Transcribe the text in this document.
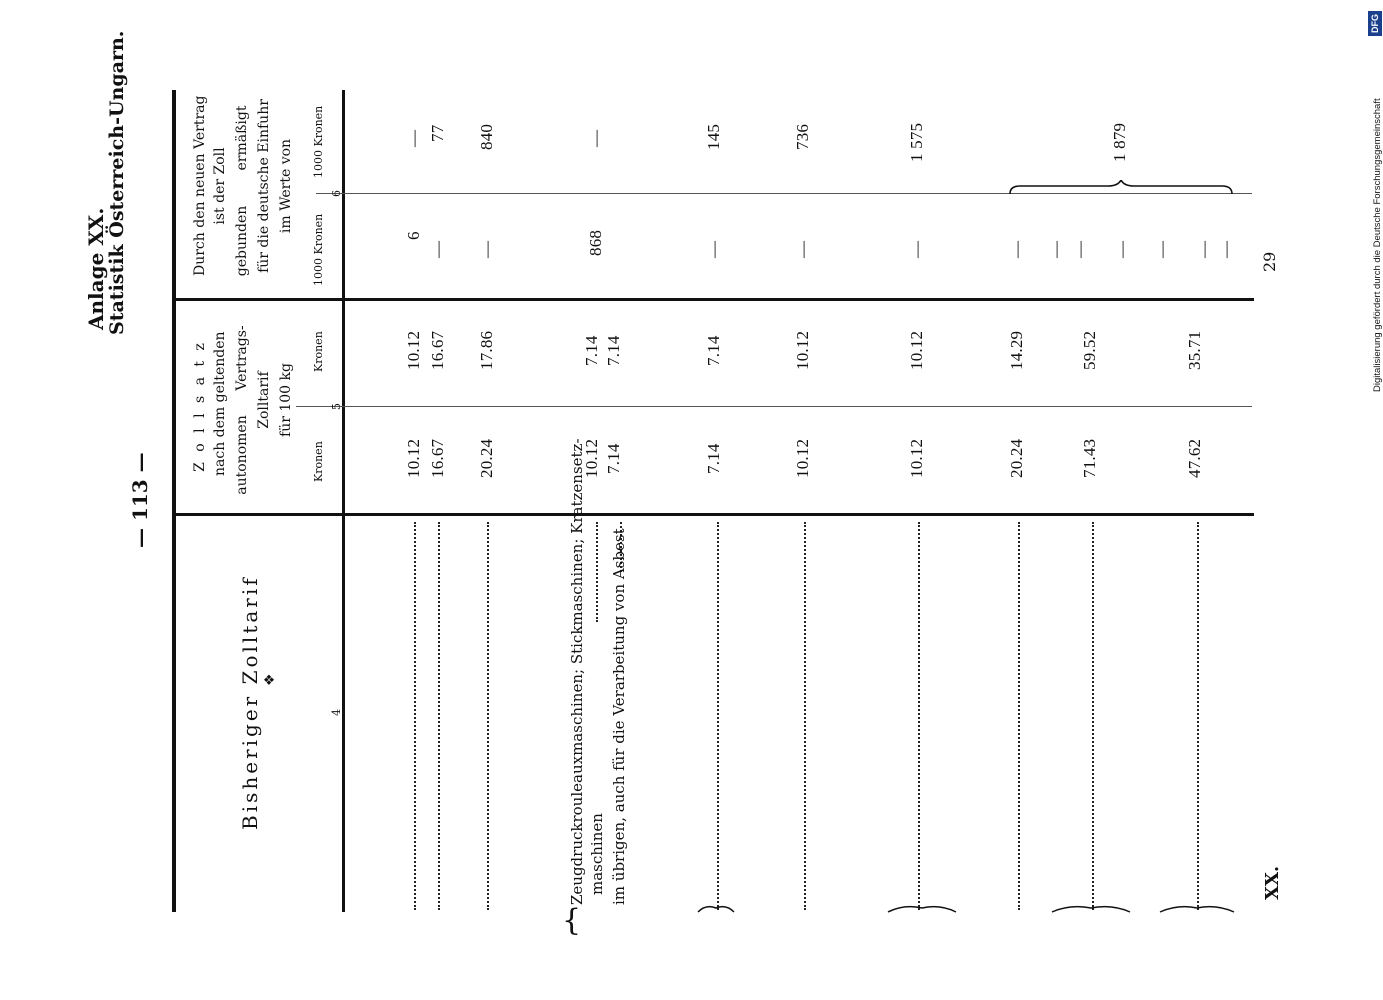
— 113 —
Anlage XX.
Statistik Österreich-Ungarn.
Bisheriger Zolltarif ❖
Z o l l s a t z nach dem geltenden autonomen
Vertrags-
Zolltarif für 100 kg
Kronen
Kronen
Durch den neuen Vertrag ist der Zoll
gebunden
ermäßigt für die deutsche Einfuhr im Werte von
1000 Kronen
1000 Kronen
4
5
6
Zeugdruckrouleauxmaschinen; Stickmaschinen; Kratzensetz- maschinen im übrigen, auch für die Verarbeitung von Asbest
{
10.12
10.12
6
—
16.67
16.67
—
77
20.24
17.86
—
840
10.12
7.14
868
—
7.14
7.14
7.14
7.14
—
145
10.12
10.12
—
736
10.12
10.12
—
1 575
20.24
14.29
—
71.43
59.52
—
1 879
47.62
35.71
—
— —	—	—
XX.
29
DFG
Digitalisierung gefördert durch die Deutsche Forschungsgemeinschaft
